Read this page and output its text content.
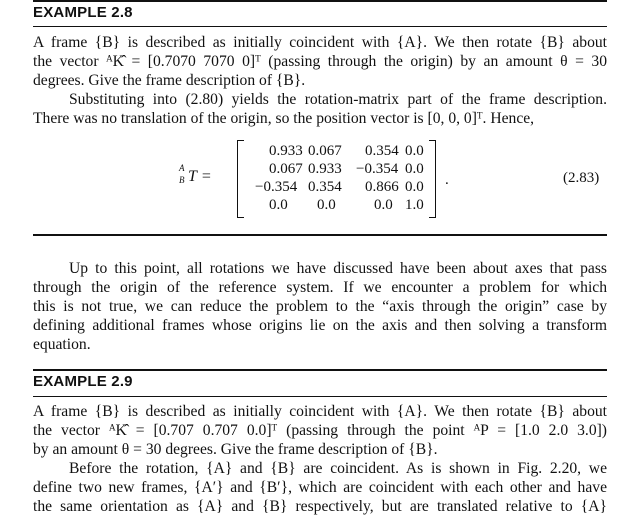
EXAMPLE 2.8
A frame {B} is described as initially coincident with {A}. We then rotate {B} about
the vector ᴬΚ̂ = [0.7070 7070 0]ᵀ (passing through the origin) by an amount θ = 30
degrees. Give the frame description of {B}.
Substituting into (2.80) yields the rotation-matrix part of the frame description.
There was no translation of the origin, so the position vector is [0, 0, 0]ᵀ. Hence,
A
B T =
0.933 0.067 0.354 0.0
0.067 0.933 −0.354 0.0
−0.354 0.354 0.866 0.0
0.0 0.0	0.0 1.0
.	(2.83)
Up to this point, all rotations we have discussed have been about axes that pass
through the origin of the reference system. If we encounter a problem for which
this is not true, we can reduce the problem to the “axis through the origin” case by
defining additional frames whose origins lie on the axis and then solving a transform
equation.
EXAMPLE 2.9
A frame {B} is described as initially coincident with {A}. We then rotate {B} about
the vector ᴬΚ̂ = [0.707 0.707 0.0]ᵀ (passing through the point ᴬP = [1.0 2.0 3.0])
by an amount θ = 30 degrees. Give the frame description of {B}.
Before the rotation, {A} and {B} are coincident. As is shown in Fig. 2.20, we
define two new frames, {A′} and {B′}, which are coincident with each other and have
the same orientation as {A} and {B} respectively, but are translated relative to {A}
